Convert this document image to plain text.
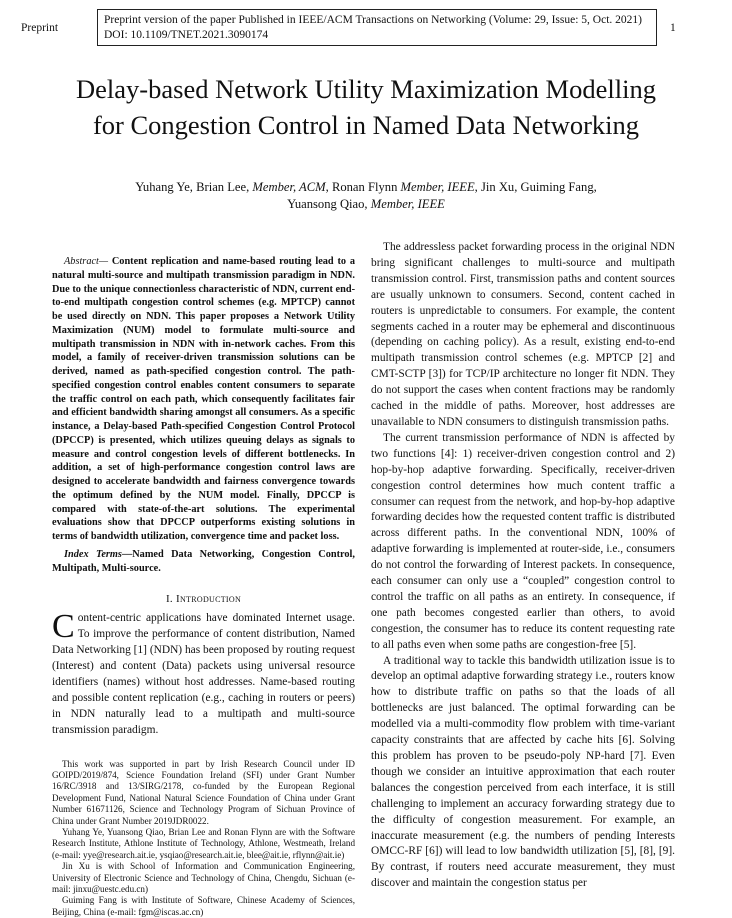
Preprint
Preprint version of the paper Published in IEEE/ACM Transactions on Networking (Volume: 29, Issue: 5, Oct. 2021) DOI: 10.1109/TNET.2021.3090174
1
Delay-based Network Utility Maximization Modelling for Congestion Control in Named Data Networking
Yuhang Ye, Brian Lee, Member, ACM, Ronan Flynn Member, IEEE, Jin Xu, Guiming Fang,
Yuansong Qiao, Member, IEEE

Abstract— Content replication and name-based routing lead to a natural multi-source and multipath transmission paradigm in NDN. Due to the unique connectionless characteristic of NDN, current end-to-end multipath congestion control schemes (e.g. MPTCP) cannot be used directly on NDN. This paper proposes a Network Utility Maximization (NUM) model to formulate multi-source and multipath transmission in NDN with in-network caches. From this model, a family of receiver-driven transmission solutions can be derived, named as path-specified congestion control. The path-specified congestion control enables content consumers to separate the traffic control on each path, which consequently facilitates fair and efficient bandwidth sharing amongst all consumers. As a specific instance, a Delay-based Path-specified Congestion Control Protocol (DPCCP) is presented, which utilizes queuing delays as signals to measure and control congestion levels of different bottlenecks. In addition, a set of high-performance congestion control laws are designed to accelerate bandwidth and fairness convergence towards the optimum defined by the NUM model. Finally, DPCCP is compared with state-of-the-art solutions. The experimental evaluations show that DPCCP outperforms existing solutions in terms of bandwidth utilization, convergence time and packet loss.

Index Terms—Named Data Networking, Congestion Control, Multipath, Multi-source.

I. Introduction

Content-centric applications have dominated Internet usage. To improve the performance of content distribution, Named Data Networking [1] (NDN) has been proposed by routing request (Interest) and content (Data) packets using universal resource identifiers (names) without host addresses. Name-based routing and possible content replication (e.g., caching in routers or peers) in NDN naturally lead to a multipath and multi-source transmission paradigm.

This work was supported in part by Irish Research Council under ID GOIPD/2019/874, Science Foundation Ireland (SFI) under Grant Number 16/RC/3918 and 13/SIRG/2178, co-funded by the European Regional Development Fund, National Natural Science Foundation of China under Grant Number 61671126, Science and Technology Program of Sichuan Province of China under Grant Number 2019JDR0022.

Yuhang Ye, Yuansong Qiao, Brian Lee and Ronan Flynn are with the Software Research Institute, Athlone Institute of Technology, Athlone, Westmeath, Ireland (e-mail: yye@research.ait.ie, ysqiao@research.ait.ie, blee@ait.ie, rflynn@ait.ie)

Jin Xu is with School of Information and Communication Engineering, University of Electronic Science and Technology of China, Chengdu, Sichuan (e-mail: jinxu@uestc.edu.cn)

Guiming Fang is with Institute of Software, Chinese Academy of Sciences, Beijing, China (e-mail: fgm@iscas.ac.cn)

The addressless packet forwarding process in the original NDN bring significant challenges to multi-source and multipath transmission control. First, transmission paths and content sources are usually unknown to consumers. Second, content cached in routers is unpredictable to consumers. For example, the content segments cached in a router may be ephemeral and discontinuous (depending on caching policy). As a result, existing end-to-end multipath transmission control schemes (e.g. MPTCP [2] and CMT-SCTP [3]) for TCP/IP architecture no longer fit NDN. They do not support the cases when content fractions may be randomly cached in the middle of paths. Moreover, host addresses are unavailable to NDN consumers to distinguish transmission paths.

The current transmission performance of NDN is affected by two functions [4]: 1) receiver-driven congestion control and 2) hop-by-hop adaptive forwarding. Specifically, receiver-driven congestion control determines how much content traffic a consumer can request from the network, and hop-by-hop adaptive forwarding decides how the requested content traffic is distributed across different paths. In the conventional NDN, 100% of adaptive forwarding is implemented at router-side, i.e., consumers do not control the forwarding of Interest packets. In consequence, each consumer can only use a “coupled” congestion control to control the traffic on all paths as an entirety. In consequence, if one path becomes congested earlier than others, to avoid congestion, the consumer has to reduce its content requesting rate to all paths even when some paths are congestion-free [5].

A traditional way to tackle this bandwidth utilization issue is to develop an optimal adaptive forwarding strategy i.e., routers know how to distribute traffic on paths so that the loads of all bottlenecks are just balanced. The optimal forwarding can be modelled via a multi-commodity flow problem with time-variant capacity constraints that are affected by cache hits [6]. Solving this problem has proven to be pseudo-poly NP-hard [7]. Even though we consider an intuitive approximation that each router balances the congestion perceived from each interface, it is still challenging to implement an accuracy forwarding strategy due to the difficulty of congestion measurement. For example, an inaccurate measurement (e.g. the numbers of pending Interests OMCC-RF [6]) will lead to low bandwidth utilization [5], [8], [9]. By contrast, if routers need accurate measurement, they must discover and maintain the congestion status per
